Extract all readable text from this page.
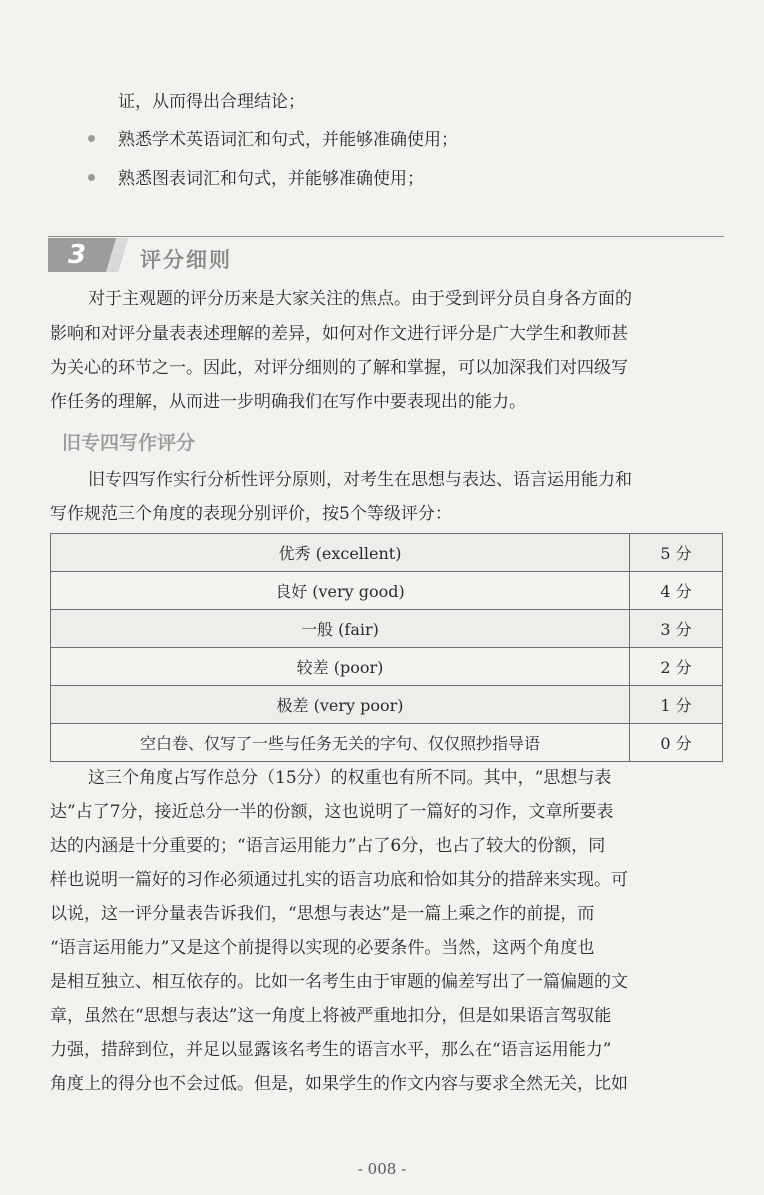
证，从而得出合理结论；
熟悉学术英语词汇和句式，并能够准确使用；
熟悉图表词汇和句式，并能够准确使用；
3	评分细则
对于主观题的评分历来是大家关注的焦点。由于受到评分员自身各方面的
影响和对评分量表表述理解的差异，如何对作文进行评分是广大学生和教师甚
为关心的环节之一。因此，对评分细则的了解和掌握，可以加深我们对四级写
作任务的理解，从而进一步明确我们在写作中要表现出的能力。
旧专四写作评分
旧专四写作实行分析性评分原则，对考生在思想与表达、语言运用能力和
写作规范三个角度的表现分别评价，按5个等级评分：
优秀 (excellent)	5 分
良好 (very good)	4 分
一般 (fair)	3 分
较差 (poor)	2 分
极差 (very poor)	1 分
空白卷、仅写了一些与任务无关的字句、仅仅照抄指导语	0 分
这三个角度占写作总分（15分）的权重也有所不同。其中，“思想与表
达”占了7分，接近总分一半的份额，这也说明了一篇好的习作，文章所要表
达的内涵是十分重要的；“语言运用能力”占了6分，也占了较大的份额，同
样也说明一篇好的习作必须通过扎实的语言功底和恰如其分的措辞来实现。可
以说，这一评分量表告诉我们，“思想与表达”是一篇上乘之作的前提，而
“语言运用能力”又是这个前提得以实现的必要条件。当然，这两个角度也
是相互独立、相互依存的。比如一名考生由于审题的偏差写出了一篇偏题的文
章，虽然在“思想与表达”这一角度上将被严重地扣分，但是如果语言驾驭能
力强，措辞到位，并足以显露该名考生的语言水平，那么在“语言运用能力”
角度上的得分也不会过低。但是，如果学生的作文内容与要求全然无关，比如
- 008 -
